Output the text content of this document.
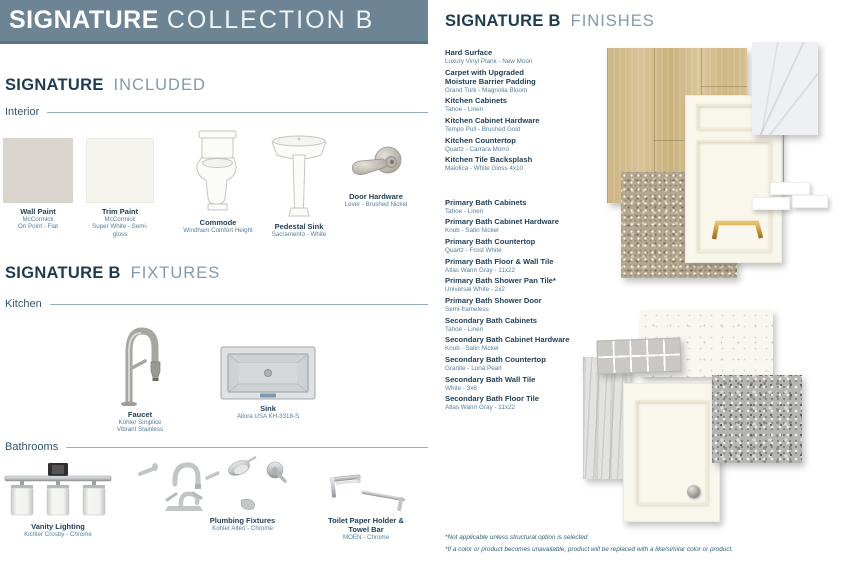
SIGNATURE COLLECTION B
SIGNATURE INCLUDED
Interior
Wall Paint
McCormick
On Point - Flat
Trim Paint
McCormick
Super White - Semi-gloss
Commode
Windham Comfort Height	Pedestal Sink
Sacramento - White
Door Hardware
Lever - Brushed Nickel
SIGNATURE B FIXTURES
Kitchen
Faucet
Kohler Simplice
Vibrant Stainless
Sink
Allora USA KH-3318-S
Bathrooms
Vanity Lighting
Kichler Crosby - Chrome
Plumbing Fixtures
Kohler Alteo - Chrome
Toilet Paper Holder &
Towel Bar
MOEN - Chrome
SIGNATURE B FINISHES
Hard Surface
Luxury Vinyl Plank - New Moon
Carpet with Upgraded
Moisture Barrier Padding
Grand Turk - Magnolia Bloom
Kitchen Cabinets
Tahoe - Linen
Kitchen Cabinet Hardware
Tempo Pull - Brushed Gold
Kitchen Countertop
Quartz - Carrara Morro
Kitchen Tile Backsplash
Maiolica - White Gloss 4x10
Primary Bath Cabinets
Tahoe - Linen
Primary Bath Cabinet Hardware
Knob - Satin Nickel
Primary Bath Countertop
Quartz - Frost White
Primary Bath Floor & Wall Tile
Atlas Warm Gray - 11x22
Primary Bath Shower Pan Tile*
Universal White - 2x2
Primary Bath Shower Door
Semi-frameless
Secondary Bath Cabinets
Tahoe - Linen
Secondary Bath Cabinet Hardware
Knob - Satin Nickel
Secondary Bath Countertop
Granite - Luna Pearl
Secondary Bath Wall Tile
White - 3x6
Secondary Bath Floor Tile
Atlas Warm Gray - 11x22
*Not applicable unless structural option is selected
*If a color or product becomes unavailable, product will be replaced with a like/similar color or product.
